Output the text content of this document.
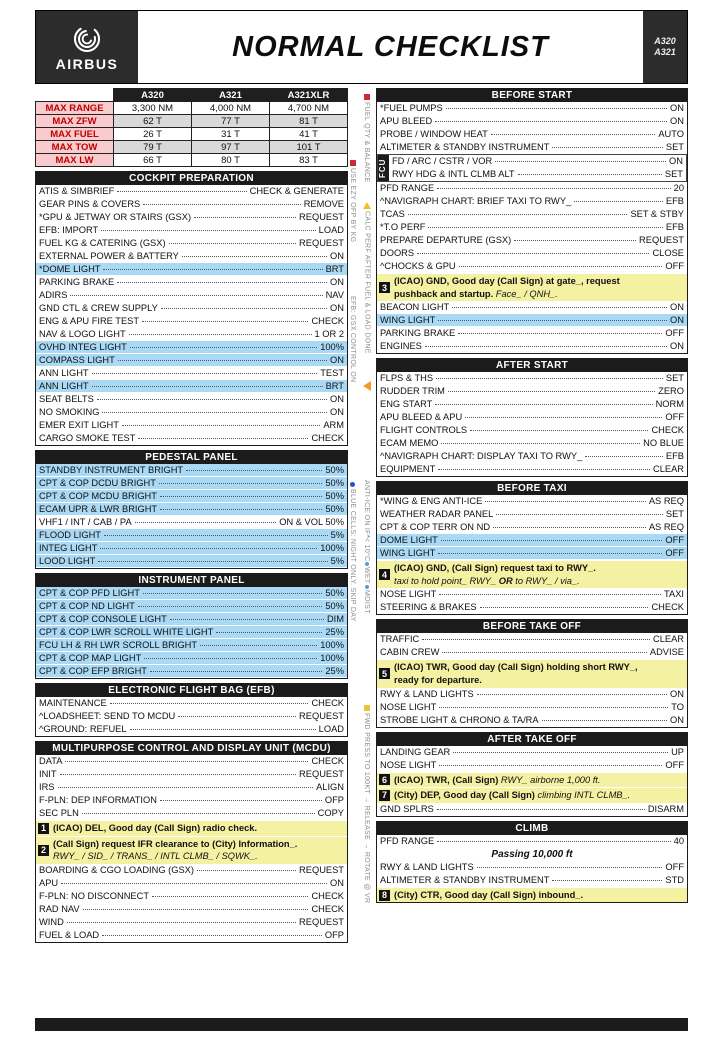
AIRBUS
NORMAL CHECKLIST	A320
A321
	A320	A321	A321XLR
MAX RANGE	3,300 NM	4,000 NM	4,700 NM
MAX ZFW	62 T	77 T	81 T
MAX FUEL	26 T	31 T	41 T
MAX TOW	79 T	97 T	101 T
MAX LW	66 T	80 T	83 T
COCKPIT PREPARATION
ATIS & SIMBRIEF	CHECK & GENERATE
GEAR PINS & COVERS	REMOVE
*GPU & JETWAY OR STAIRS (GSX)	REQUEST
EFB: IMPORT	LOAD
FUEL KG & CATERING (GSX)	REQUEST
EXTERNAL POWER & BATTERY	ON
*DOME LIGHT	BRT
PARKING BRAKE	ON
ADIRS	NAV
GND CTL & CREW SUPPLY	ON
ENG & APU FIRE TEST	CHECK
NAV & LOGO LIGHT	1 OR 2
OVHD INTEG LIGHT	100%
COMPASS LIGHT	ON
ANN LIGHT	TEST
ANN LIGHT	BRT
SEAT BELTS	ON
NO SMOKING	ON
EMER EXIT LIGHT	ARM
CARGO SMOKE TEST	CHECK
PEDESTAL PANEL
STANDBY INSTRUMENT BRIGHT	50%
CPT & COP DCDU BRIGHT	50%
CPT & COP MCDU BRIGHT	50%
ECAM UPR & LWR BRIGHT	50%
VHF1 / INT / CAB / PA	ON & VOL 50%
FLOOD LIGHT	5%
INTEG LIGHT	100%
LOOD LIGHT	5%
INSTRUMENT PANEL
CPT & COP PFD LIGHT	50%
CPT & COP ND LIGHT	50%
CPT & COP CONSOLE LIGHT	DIM
CPT & COP LWR SCROLL WHITE LIGHT	25%
FCU LH & RH LWR SCROLL BRIGHT	100%
CPT & COP MAP LIGHT	100%
CPT & COP EFP BRIGHT	25%
ELECTRONIC FLIGHT BAG (EFB)
MAINTENANCE	CHECK
^LOADSHEET: SEND TO MCDU	REQUEST
^GROUND: REFUEL	LOAD
MULTIPURPOSE CONTROL AND DISPLAY UNIT (MCDU)
DATA	CHECK
INIT	REQUEST
IRS	ALIGN
F-PLN: DEP INFORMATION	OFP
SEC PLN	COPY
1 (ICAO) DEL, Good day (Call Sign) radio check.
2
(Call Sign) request IFR clearance to (City) Information_.
RWY_ / SID_ / TRANS_ / INTL CLMB_ / SQWK_.
BOARDING & CGO LOADING (GSX)	REQUEST
APU	ON
F-PLN: NO DISCONNECT	CHECK
RAD NAV	CHECK
WIND	REQUEST
FUEL & LOAD	OFP
BEFORE START
*FUEL PUMPS	ON
APU BLEED	ON
PROBE / WINDOW HEAT	AUTO
ALTIMETER & STANDBY INSTRUMENT	SET
FCU FD / ARC / CSTR / VOR	ON
RWY HDG & INTL CLMB ALT	SET
PFD RANGE	20
^NAVIGRAPH CHART: BRIEF TAXI TO RWY_	EFB
TCAS	SET & STBY
*T.O PERF	EFB
PREPARE DEPARTURE (GSX)	REQUEST
DOORS	CLOSE
^CHOCKS & GPU	OFF
3
(ICAO) GND, Good day (Call Sign) at gate_, request
pushback and startup. Face_ / QNH_.
BEACON LIGHT	ON
WING LIGHT	ON
PARKING BRAKE	OFF
ENGINES	ON
AFTER START
FLPS & THS	SET
RUDDER TRIM	ZERO
ENG START	NORM
APU BLEED & APU	OFF
FLIGHT CONTROLS	CHECK
ECAM MEMO	NO BLUE
^NAVIGRAPH CHART: DISPLAY TAXI TO RWY_	EFB
EQUIPMENT	CLEAR
BEFORE TAXI
*WING & ENG ANTI-ICE	AS REQ
WEATHER RADAR PANEL	SET
CPT & COP TERR ON ND	AS REQ
DOME LIGHT	OFF
WING LIGHT	OFF
4
(ICAO) GND, (Call Sign) request taxi to RWY_.
taxi to hold point_ RWY_ OR to RWY_ / via_.
NOSE LIGHT	TAXI
STEERING & BRAKES	CHECK
BEFORE TAKE OFF
TRAFFIC	CLEAR
CABIN CREW	ADVISE
5
(ICAO) TWR, Good day (Call Sign) holding short RWY_,
ready for departure.
RWY & LAND LIGHTS	ON
NOSE LIGHT	TO
STROBE LIGHT & CHRONO & TA/RA	ON
AFTER TAKE OFF
LANDING GEAR	UP
NOSE LIGHT	OFF
6 (ICAO) TWR, (Call Sign) RWY_ airborne 1,000 ft.
7 (City) DEP, Good day (Call Sign) climbing INTL CLMB_.
GND SPLRS	DISARM
CLIMB
PFD RANGE	40
Passing 10,000 ft
RWY & LAND LIGHTS	OFF
ALTIMETER & STANDBY INSTRUMENT	STD
8 (City) CTR, Good day (Call Sign) inbound_.
FUEL QTY & BALANCE
CALC PERF AFTER FUEL & LOAD DONE
USE EZY OFP BY KG
EFB: GSX CONTROL ON
ANTI-ICE ON IF
*
< 10°C
WET
MOIST
BLUE CELLS: NIGHT ONLY. SKIP DAY
FWD PRESS TO 100KT → RELEASE → ROTATE @ VR
